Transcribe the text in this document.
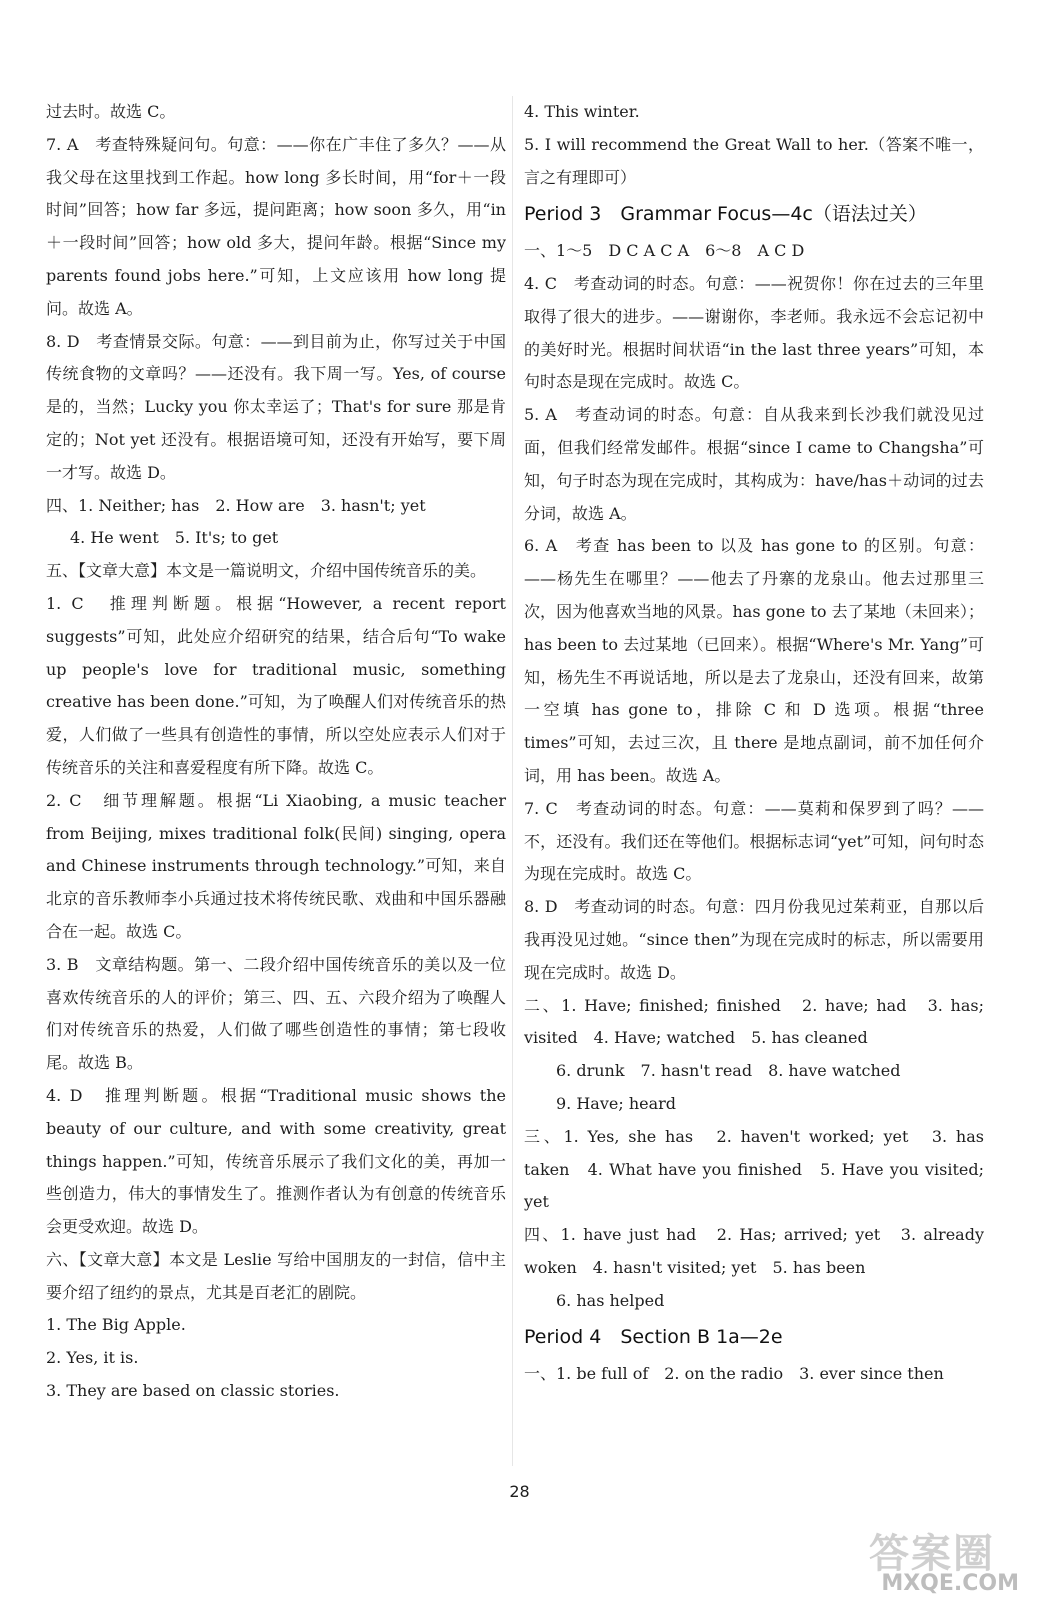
过去时。故选 C。

7. A　考查特殊疑问句。句意：——你在广丰住了多久？——从我父母在这里找到工作起。how long 多长时间，用“for＋一段时间”回答；how far 多远，提问距离；how soon 多久，用“in＋一段时间”回答；how old 多大，提问年龄。根据“Since my parents found jobs here.”可知，上文应该用 how long 提问。故选 A。

8. D　考查情景交际。句意：——到目前为止，你写过关于中国传统食物的文章吗？——还没有。我下周一写。Yes, of course 是的，当然；Lucky you 你太幸运了；That's for sure 那是肯定的；Not yet 还没有。根据语境可知，还没有开始写，要下周一才写。故选 D。

四、1. Neither; has　2. How are　3. hasn't; yet

4. He went　5. It's; to get

五、【文章大意】本文是一篇说明文，介绍中国传统音乐的美。

1. C　推理判断题。根据“However, a recent report suggests”可知，此处应介绍研究的结果，结合后句“To wake up people's love for traditional music, something creative has been done.”可知，为了唤醒人们对传统音乐的热爱，人们做了一些具有创造性的事情，所以空处应表示人们对于传统音乐的关注和喜爱程度有所下降。故选 C。

2. C　细节理解题。根据“Li Xiaobing, a music teacher from Beijing, mixes traditional folk(民间) singing, opera and Chinese instruments through technology.”可知，来自北京的音乐教师李小兵通过技术将传统民歌、戏曲和中国乐器融合在一起。故选 C。

3. B　文章结构题。第一、二段介绍中国传统音乐的美以及一位喜欢传统音乐的人的评价；第三、四、五、六段介绍为了唤醒人们对传统音乐的热爱，人们做了哪些创造性的事情；第七段收尾。故选 B。

4. D　推理判断题。根据“Traditional music shows the beauty of our culture, and with some creativity, great things happen.”可知，传统音乐展示了我们文化的美，再加一些创造力，伟大的事情发生了。推测作者认为有创意的传统音乐会更受欢迎。故选 D。

六、【文章大意】本文是 Leslie 写给中国朋友的一封信，信中主要介绍了纽约的景点，尤其是百老汇的剧院。

1. The Big Apple.

2. Yes, it is.

3. They are based on classic stories.

4. This winter.

5. I will recommend the Great Wall to her.（答案不唯一，言之有理即可）

Period 3　Grammar Focus—4c（语法过关）

一、1～5　D C A C A　6～8　A C D

4. C　考查动词的时态。句意：——祝贺你！你在过去的三年里取得了很大的进步。——谢谢你，李老师。我永远不会忘记初中的美好时光。根据时间状语“in the last three years”可知，本句时态是现在完成时。故选 C。

5. A　考查动词的时态。句意：自从我来到长沙我们就没见过面，但我们经常发邮件。根据“since I came to Changsha”可知，句子时态为现在完成时，其构成为：have/has＋动词的过去分词，故选 A。

6. A　考查 has been to 以及 has gone to 的区别。句意：——杨先生在哪里？——他去了丹寨的龙泉山。他去过那里三次，因为他喜欢当地的风景。has gone to 去了某地（未回来）；has been to 去过某地（已回来）。根据“Where's Mr. Yang”可知，杨先生不再说话地，所以是去了龙泉山，还没有回来，故第一空填 has gone to，排除 C 和 D 选项。根据“three times”可知，去过三次，且 there 是地点副词，前不加任何介词，用 has been。故选 A。

7. C　考查动词的时态。句意：——莫莉和保罗到了吗？——不，还没有。我们还在等他们。根据标志词“yet”可知，问句时态为现在完成时。故选 C。

8. D　考查动词的时态。句意：四月份我见过茱莉亚，自那以后我再没见过她。“since then”为现在完成时的标志，所以需要用现在完成时。故选 D。

二、1. Have; finished; finished　2. have; had　3. has; visited　4. Have; watched　5. has cleaned

6. drunk　7. hasn't read　8. have watched

9. Have; heard

三、1. Yes, she has　2. haven't worked; yet　3. has taken　4. What have you finished　5. Have you visited; yet

四、1. have just had　2. Has; arrived; yet　3. already woken　4. hasn't visited; yet　5. has been

6. has helped

Period 4　Section B 1a—2e

一、1. be full of　2. on the radio　3. ever since then

28
答案圈
MXQE.COM
